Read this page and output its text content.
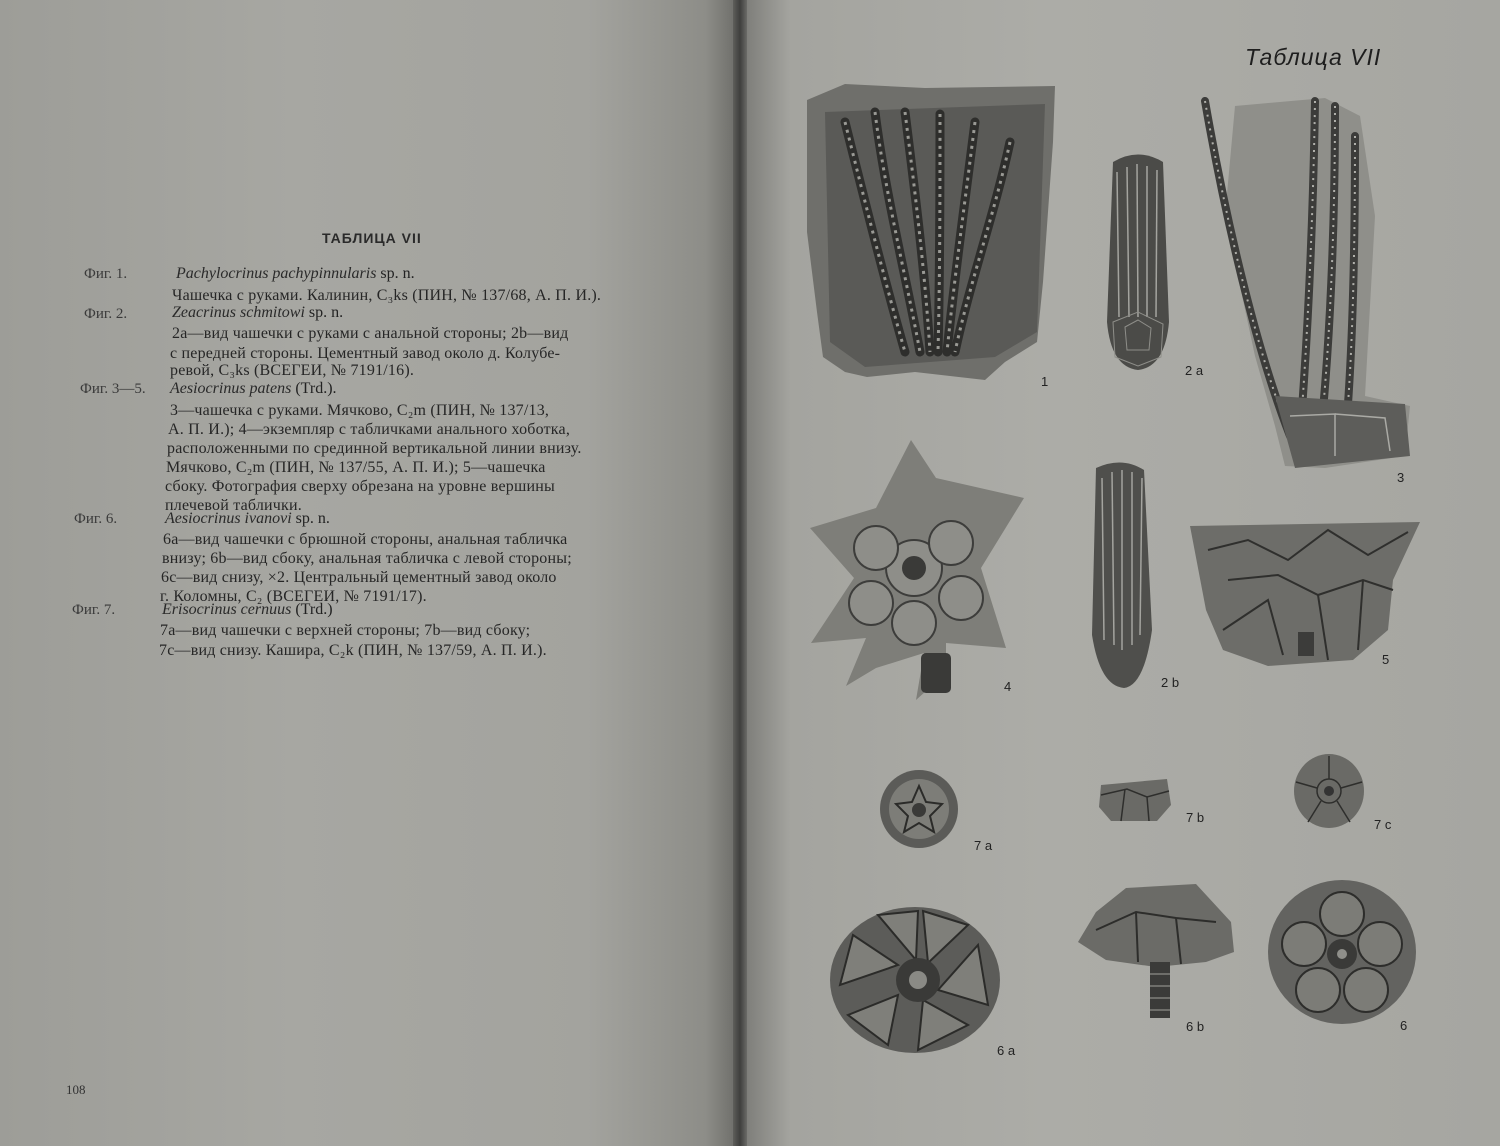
ТАБЛИЦА VII
Фиг. 1.	Pachylocrinus pachypinnularis sp. n.
Чашечка с руками. Калинин, C₃ks (ПИН, № 137/68, А. П. И.).
Фиг. 2.	Zeacrinus schmitowi sp. n.
2a—вид чашечки с руками с анальной стороны; 2b—вид
с передней стороны. Цементный завод около д. Колубе-
ревой, C₃ks (ВСЕГЕИ, № 7191/16).
Фиг. 3—5. Aesiocrinus patens (Trd.).
3—чашечка с руками. Мячково, C₂m (ПИН, № 137/13,
А. П. И.); 4—экземпляр с табличками анального хоботка,
расположенными по срединной вертикальной линии внизу.
Мячково, C₂m (ПИН, № 137/55, А. П. И.); 5—чашечка
сбоку. Фотография сверху обрезана на уровне вершины
плечевой таблички.
Фиг. 6.	Aesiocrinus ivanovi sp. n.
6a—вид чашечки с брюшной стороны, анальная табличка
внизу; 6b—вид сбоку, анальная табличка с левой стороны;
6c—вид снизу, ×2. Центральный цементный завод около
г. Коломны, C₂ (ВСЕГЕИ, № 7191/17).
Фиг. 7.	Erisocrinus cernuus (Trd.)
7a—вид чашечки с верхней стороны; 7b—вид сбоку;
7c—вид снизу. Кашира, C₂k (ПИН, № 137/59, А. П. И.).
108
Таблица VII
1
2 a
3
4	2 b
5
7 a
7 b	7 c
6 a
6 b	6
